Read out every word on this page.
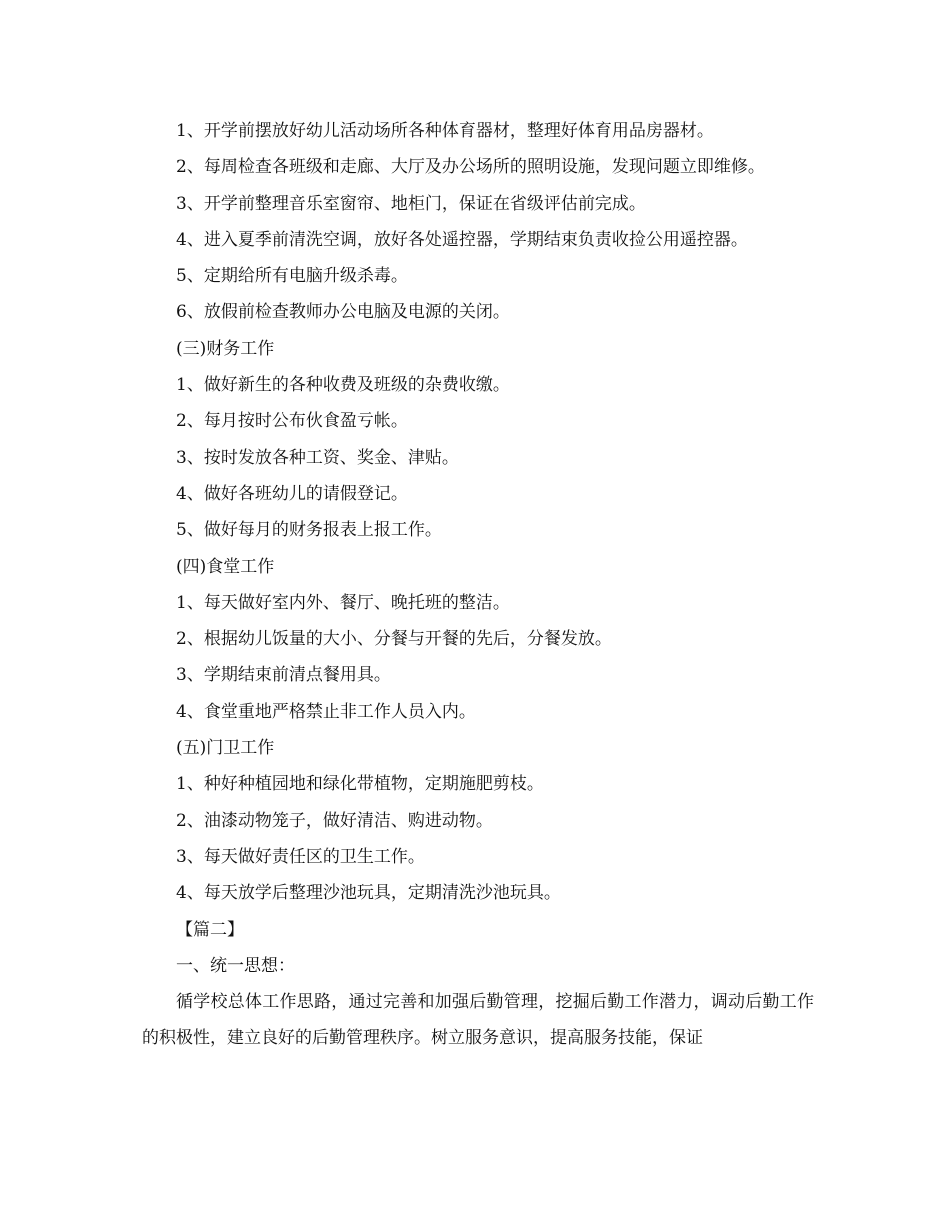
1、开学前摆放好幼儿活动场所各种体育器材，整理好体育用品房器材。

2、每周检查各班级和走廊、大厅及办公场所的照明设施，发现问题立即维修。

3、开学前整理音乐室窗帘、地柜门，保证在省级评估前完成。

4、进入夏季前清洗空调，放好各处遥控器，学期结束负责收捡公用遥控器。

5、定期给所有电脑升级杀毒。

6、放假前检查教师办公电脑及电源的关闭。

(三)财务工作

1、做好新生的各种收费及班级的杂费收缴。

2、每月按时公布伙食盈亏帐。

3、按时发放各种工资、奖金、津贴。

4、做好各班幼儿的请假登记。

5、做好每月的财务报表上报工作。

(四)食堂工作

1、每天做好室内外、餐厅、晚托班的整洁。

2、根据幼儿饭量的大小、分餐与开餐的先后，分餐发放。

3、学期结束前清点餐用具。

4、食堂重地严格禁止非工作人员入内。

(五)门卫工作

1、种好种植园地和绿化带植物，定期施肥剪枝。

2、油漆动物笼子，做好清洁、购进动物。

3、每天做好责任区的卫生工作。

4、每天放学后整理沙池玩具，定期清洗沙池玩具。

【篇二】

一、统一思想：

循学校总体工作思路，通过完善和加强后勤管理，挖掘后勤工作潜力，调动后勤工作的积极性，建立良好的后勤管理秩序。树立服务意识，提高服务技能，保证
